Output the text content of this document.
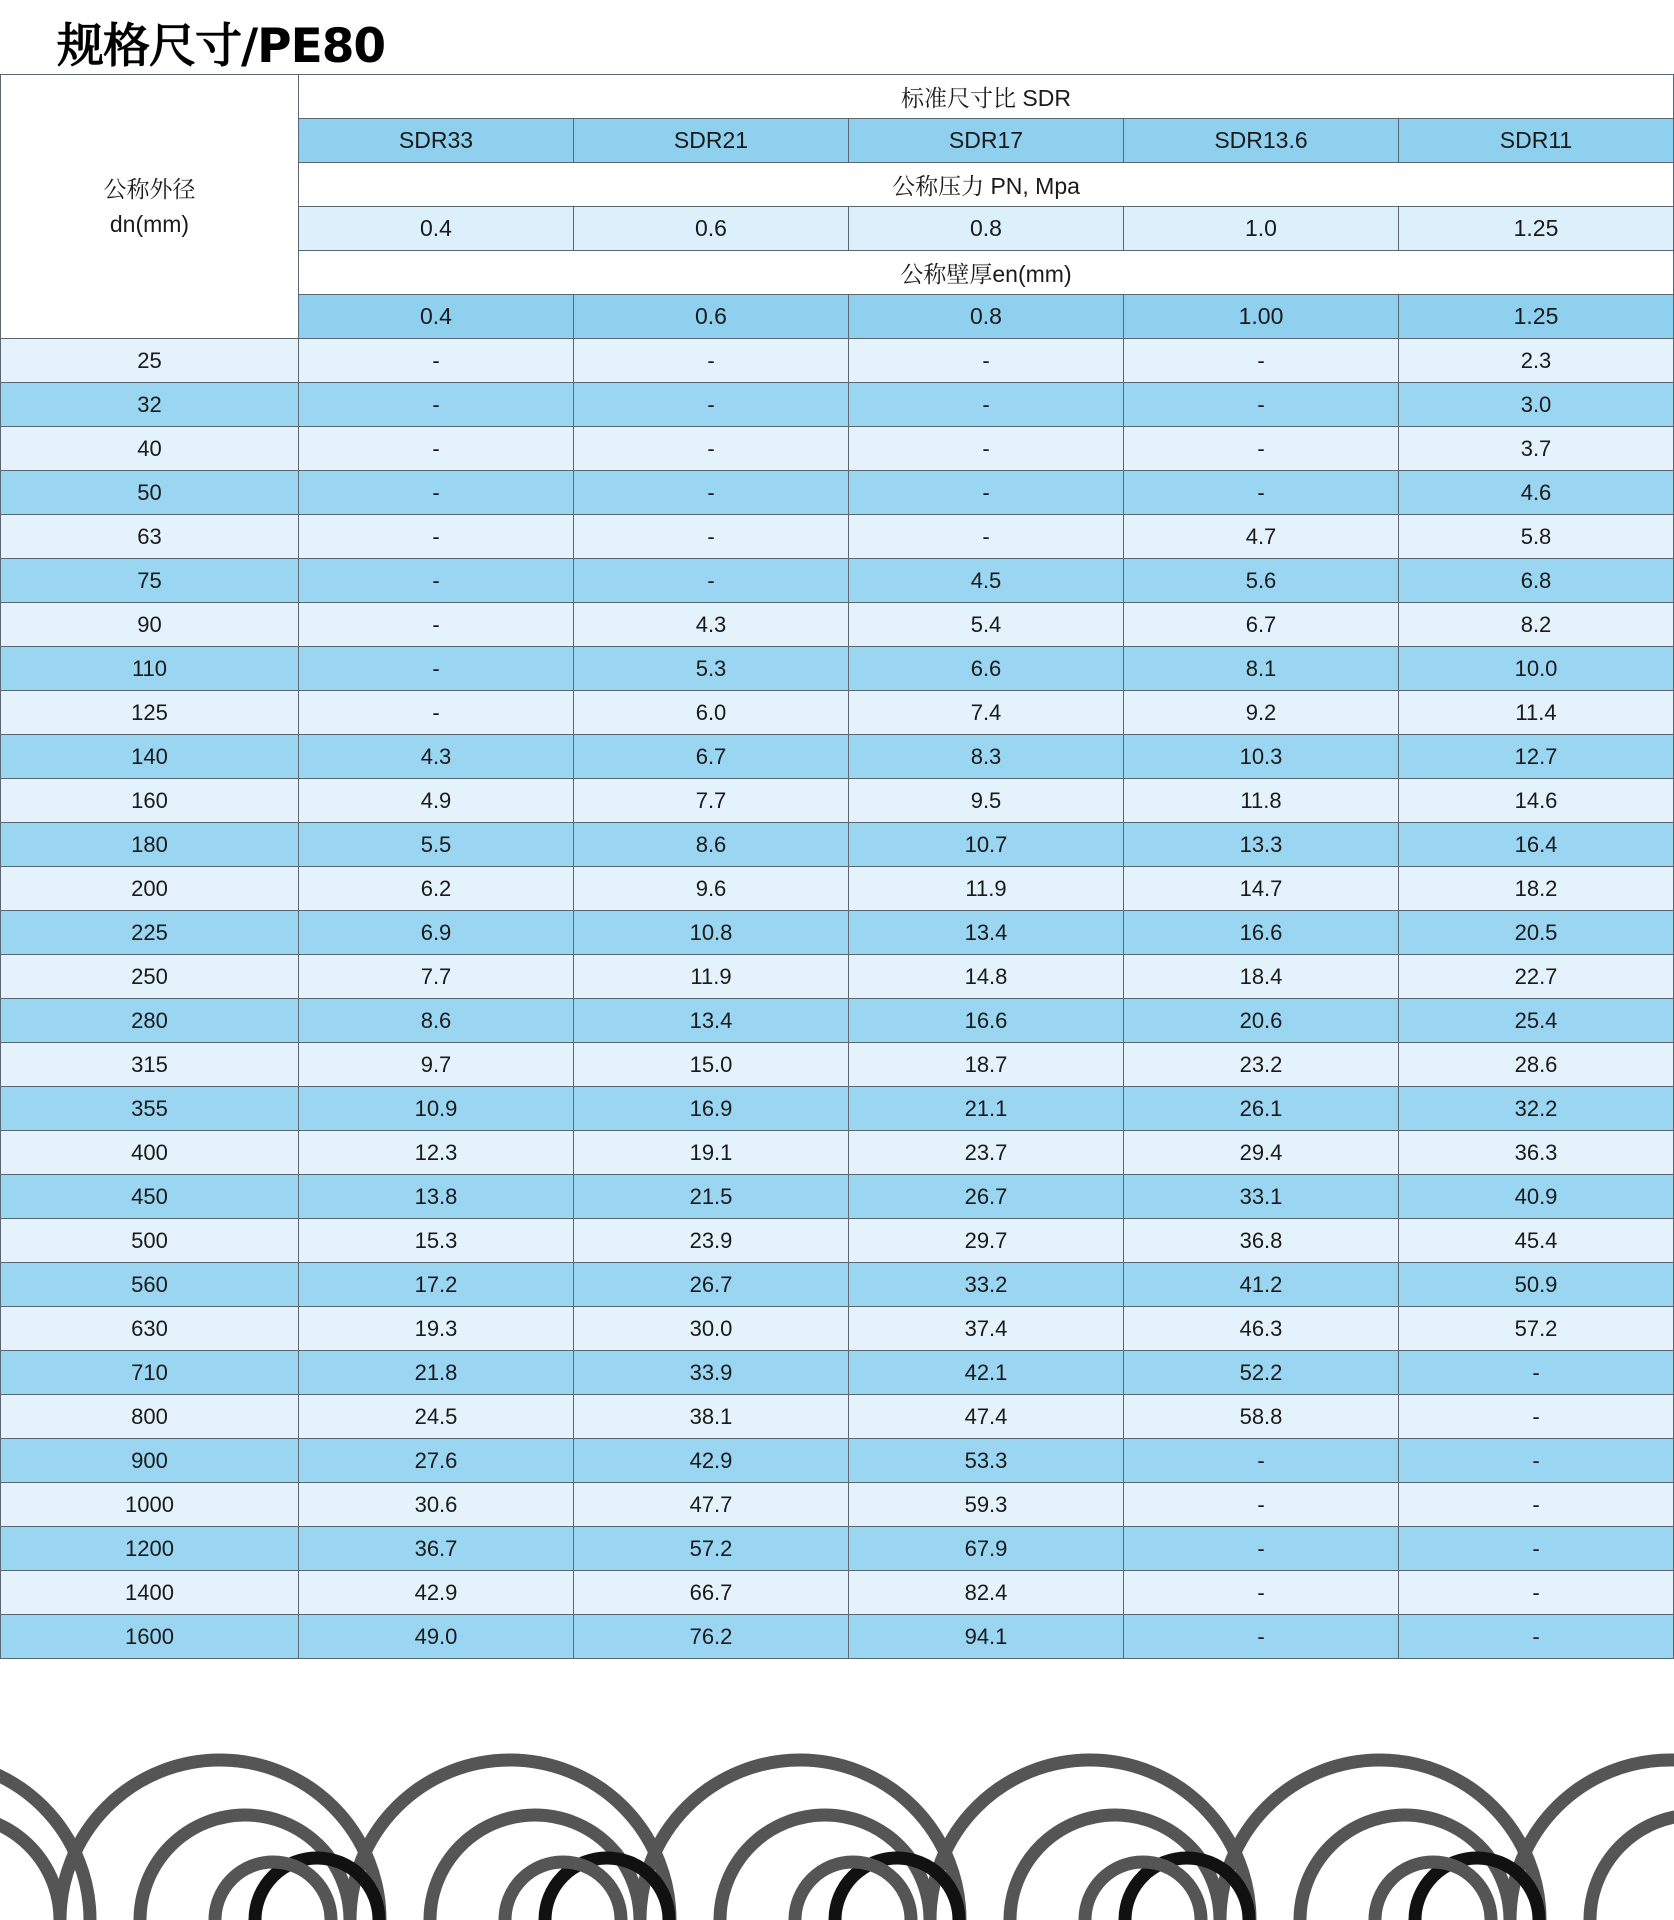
规格尺寸/PE80
公称外径
dn(mm)	标准尺寸比 SDR				
	SDR33	SDR21	SDR17	SDR13.6	SDR11
	公称压力 PN, Mpa				
	0.4	0.6	0.8	1.0	1.25
	公称壁厚en(mm)				
	0.4	0.6	0.8	1.00	1.25
25	-	-	-	-	2.3
32	-	-	-	-	3.0
40	-	-	-	-	3.7
50	-	-	-	-	4.6
63	-	-	-	4.7	5.8
75	-	-	4.5	5.6	6.8
90	-	4.3	5.4	6.7	8.2
110	-	5.3	6.6	8.1	10.0
125	-	6.0	7.4	9.2	11.4
140	4.3	6.7	8.3	10.3	12.7
160	4.9	7.7	9.5	11.8	14.6
180	5.5	8.6	10.7	13.3	16.4
200	6.2	9.6	11.9	14.7	18.2
225	6.9	10.8	13.4	16.6	20.5
250	7.7	11.9	14.8	18.4	22.7
280	8.6	13.4	16.6	20.6	25.4
315	9.7	15.0	18.7	23.2	28.6
355	10.9	16.9	21.1	26.1	32.2
400	12.3	19.1	23.7	29.4	36.3
450	13.8	21.5	26.7	33.1	40.9
500	15.3	23.9	29.7	36.8	45.4
560	17.2	26.7	33.2	41.2	50.9
630	19.3	30.0	37.4	46.3	57.2
710	21.8	33.9	42.1	52.2	-
800	24.5	38.1	47.4	58.8	-
900	27.6	42.9	53.3	-	-
1000	30.6	47.7	59.3	-	-
1200	36.7	57.2	67.9	-	-
1400	42.9	66.7	82.4	-	-
1600	49.0	76.2	94.1	-	-
